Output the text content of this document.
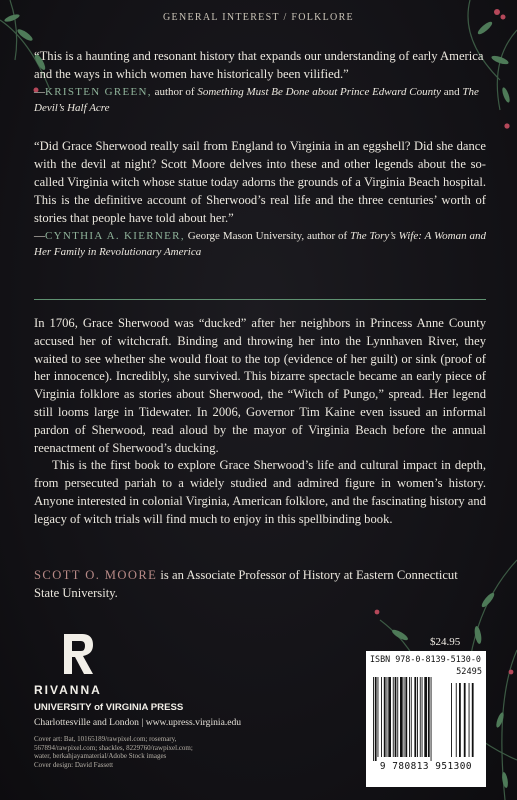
GENERAL INTEREST / FOLKLORE
“This is a haunting and resonant history that expands our understanding of early America and the ways in which women have historically been vilified.”
—KRISTEN GREEN, author of Something Must Be Done about Prince Edward County and The Devil’s Half Acre
“Did Grace Sherwood really sail from England to Virginia in an eggshell? Did she dance with the devil at night? Scott Moore delves into these and other legends about the so-called Virginia witch whose statue today adorns the grounds of a Virginia Beach hospital. This is the definitive account of Sherwood’s real life and the three centuries’ worth of stories that people have told about her.”
—CYNTHIA A. KIERNER, George Mason University, author of The Tory’s Wife: A Woman and Her Family in Revolutionary America

In 1706, Grace Sherwood was “ducked” after her neighbors in Princess Anne County accused her of witchcraft. Binding and throwing her into the Lynnhaven River, they waited to see whether she would float to the top (evidence of her guilt) or sink (proof of her innocence). Incredibly, she survived. This bizarre spectacle became an early piece of Virginia folklore as stories about Sherwood, the “Witch of Pungo,” spread. Her legend still looms large in Tidewater. In 2006, Governor Tim Kaine even issued an informal pardon of Sherwood, read aloud by the mayor of Virginia Beach before the annual reenactment of Sherwood’s ducking.

This is the first book to explore Grace Sherwood’s life and cultural impact in depth, from persecuted pariah to a widely studied and admired figure in women’s history. Anyone interested in colonial Virginia, American folklore, and the fascinating history and legacy of witch trials will find much to enjoy in this spellbinding book.

SCOTT O. MOORE is an Associate Professor of History at Eastern Connecticut State University.
RIVANNA
UNIVERSITY of VIRGINIA PRESS
Charlottesville and London | www.upress.virginia.edu
Cover art: Bat, 10165189/rawpixel.com; rosemary, 567894/rawpixel.com; shackles, 8229760/rawpixel.com; water, berkahjayamaterial/Adobe Stock images
Cover design: David Fassett
$24.95
ISBN 978-0-8139-5130-0
52495
9 780813 951300
